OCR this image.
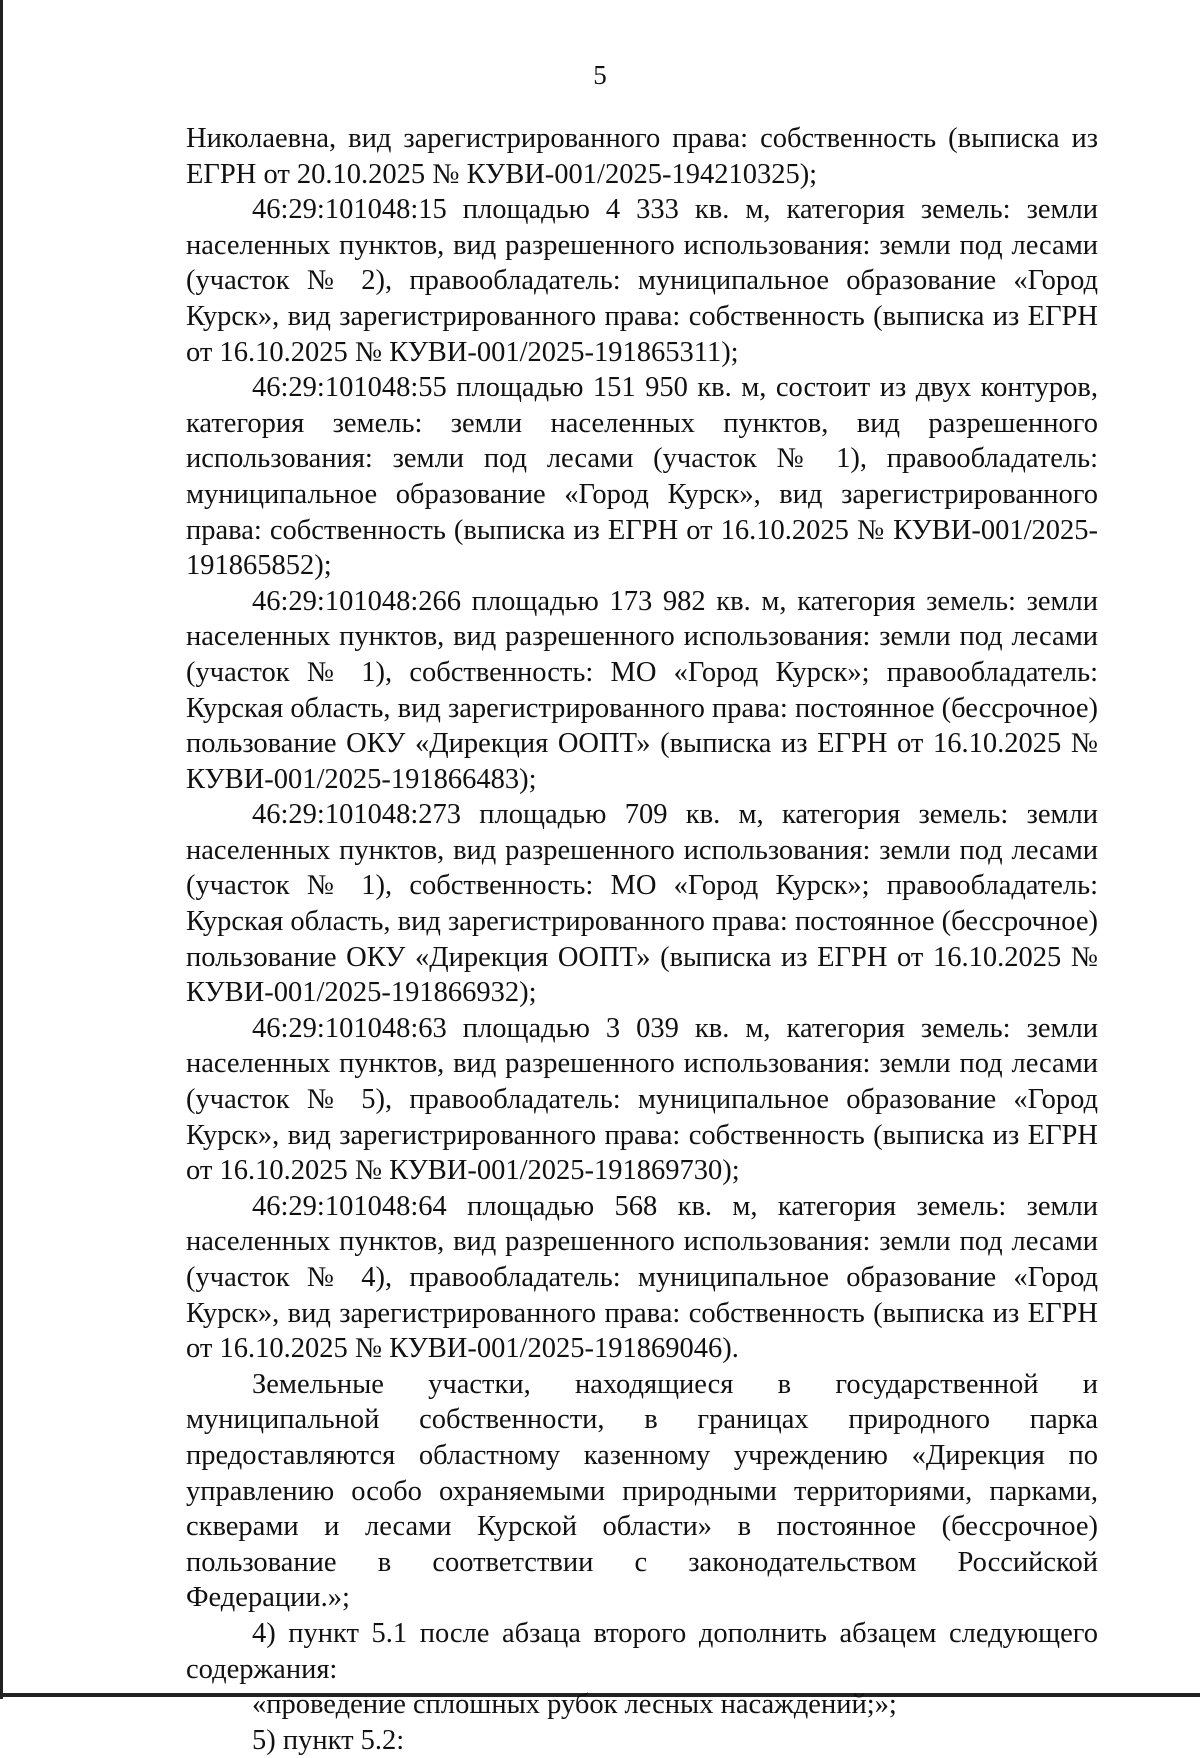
5

Николаевна, вид зарегистрированного права: собственность (выписка из ЕГРН от 20.10.2025 № КУВИ-001/2025-194210325);

46:29:101048:15 площадью 4 333 кв. м, категория земель: земли населенных пунктов, вид разрешенного использования: земли под лесами (участок № 2), правообладатель: муниципальное образование «Город Курск», вид зарегистрированного права: собственность (выписка из ЕГРН от 16.10.2025 № КУВИ-001/2025-191865311);

46:29:101048:55 площадью 151 950 кв. м, состоит из двух контуров, категория земель: земли населенных пунктов, вид разрешенного использования: земли под лесами (участок № 1), правообладатель: муниципальное образование «Город Курск», вид зарегистрированного права: собственность (выписка из ЕГРН от 16.10.2025 № КУВИ-001/2025-191865852);

46:29:101048:266 площадью 173 982 кв. м, категория земель: земли населенных пунктов, вид разрешенного использования: земли под лесами (участок № 1), собственность: МО «Город Курск»; правообладатель: Курская область, вид зарегистрированного права: постоянное (бессрочное) пользование ОКУ «Дирекция ООПТ» (выписка из ЕГРН от 16.10.2025 № КУВИ-001/2025-191866483);

46:29:101048:273 площадью 709 кв. м, категория земель: земли населенных пунктов, вид разрешенного использования: земли под лесами (участок № 1), собственность: МО «Город Курск»; правообладатель: Курская область, вид зарегистрированного права: постоянное (бессрочное) пользование ОКУ «Дирекция ООПТ» (выписка из ЕГРН от 16.10.2025 № КУВИ-001/2025-191866932);

46:29:101048:63 площадью 3 039 кв. м, категория земель: земли населенных пунктов, вид разрешенного использования: земли под лесами (участок № 5), правообладатель: муниципальное образование «Город Курск», вид зарегистрированного права: собственность (выписка из ЕГРН от 16.10.2025 № КУВИ-001/2025-191869730);

46:29:101048:64 площадью 568 кв. м, категория земель: земли населенных пунктов, вид разрешенного использования: земли под лесами (участок № 4), правообладатель: муниципальное образование «Город Курск», вид зарегистрированного права: собственность (выписка из ЕГРН от 16.10.2025 № КУВИ-001/2025-191869046).

Земельные участки, находящиеся в государственной и муниципальной собственности, в границах природного парка предоставляются областному казенному учреждению «Дирекция по управлению особо охраняемыми природными территориями, парками, скверами и лесами Курской области» в постоянное (бессрочное) пользование в соответствии с законодательством Российской Федерации.»;

4) пункт 5.1 после абзаца второго дополнить абзацем следующего содержания:

«проведение сплошных рубок лесных насаждений;»;

5) пункт 5.2:
